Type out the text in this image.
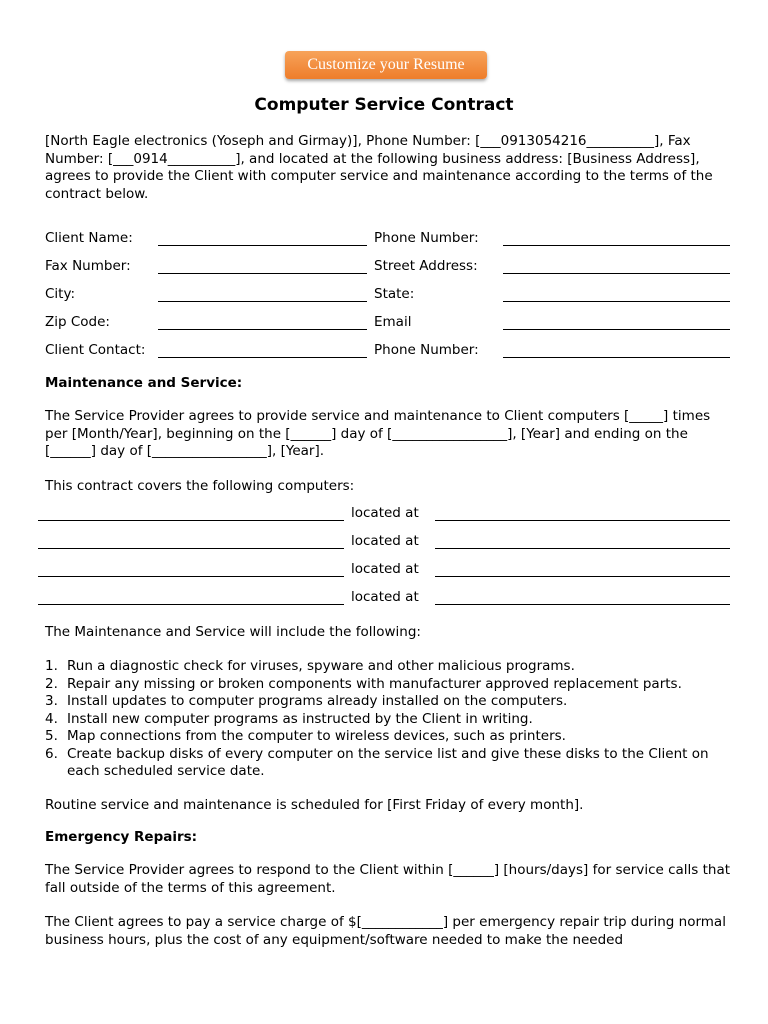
Customize your Resume
Computer Service Contract

[North Eagle electronics (Yoseph and Girmay)], Phone Number: [___0913054216__________], Fax Number: [___0914__________], and located at the following business address: [Business Address], agrees to provide the Client with computer service and maintenance according to the terms of the contract below.

Client Name:	Phone Number:
Fax Number:	Street Address:
City:	State:
Zip Code:	Email
Client Contact:	Phone Number:
Maintenance and Service:

The Service Provider agrees to provide service and maintenance to Client computers [_____] times per [Month/Year], beginning on the [______] day of [_________________], [Year] and ending on the [______] day of [_________________], [Year].

This contract covers the following computers:

located at
located at
located at
located at

The Maintenance and Service will include the following:

1. Run a diagnostic check for viruses, spyware and other malicious programs.
2. Repair any missing or broken components with manufacturer approved replacement parts.
3. Install updates to computer programs already installed on the computers.
4. Install new computer programs as instructed by the Client in writing.
5. Map connections from the computer to wireless devices, such as printers.
6. Create backup disks of every computer on the service list and give these disks to the Client on each scheduled service date.

Routine service and maintenance is scheduled for [First Friday of every month].

Emergency Repairs:

The Service Provider agrees to respond to the Client within [______] [hours/days] for service calls that fall outside of the terms of this agreement.

The Client agrees to pay a service charge of $[____________] per emergency repair trip during normal business hours, plus the cost of any equipment/software needed to make the needed
